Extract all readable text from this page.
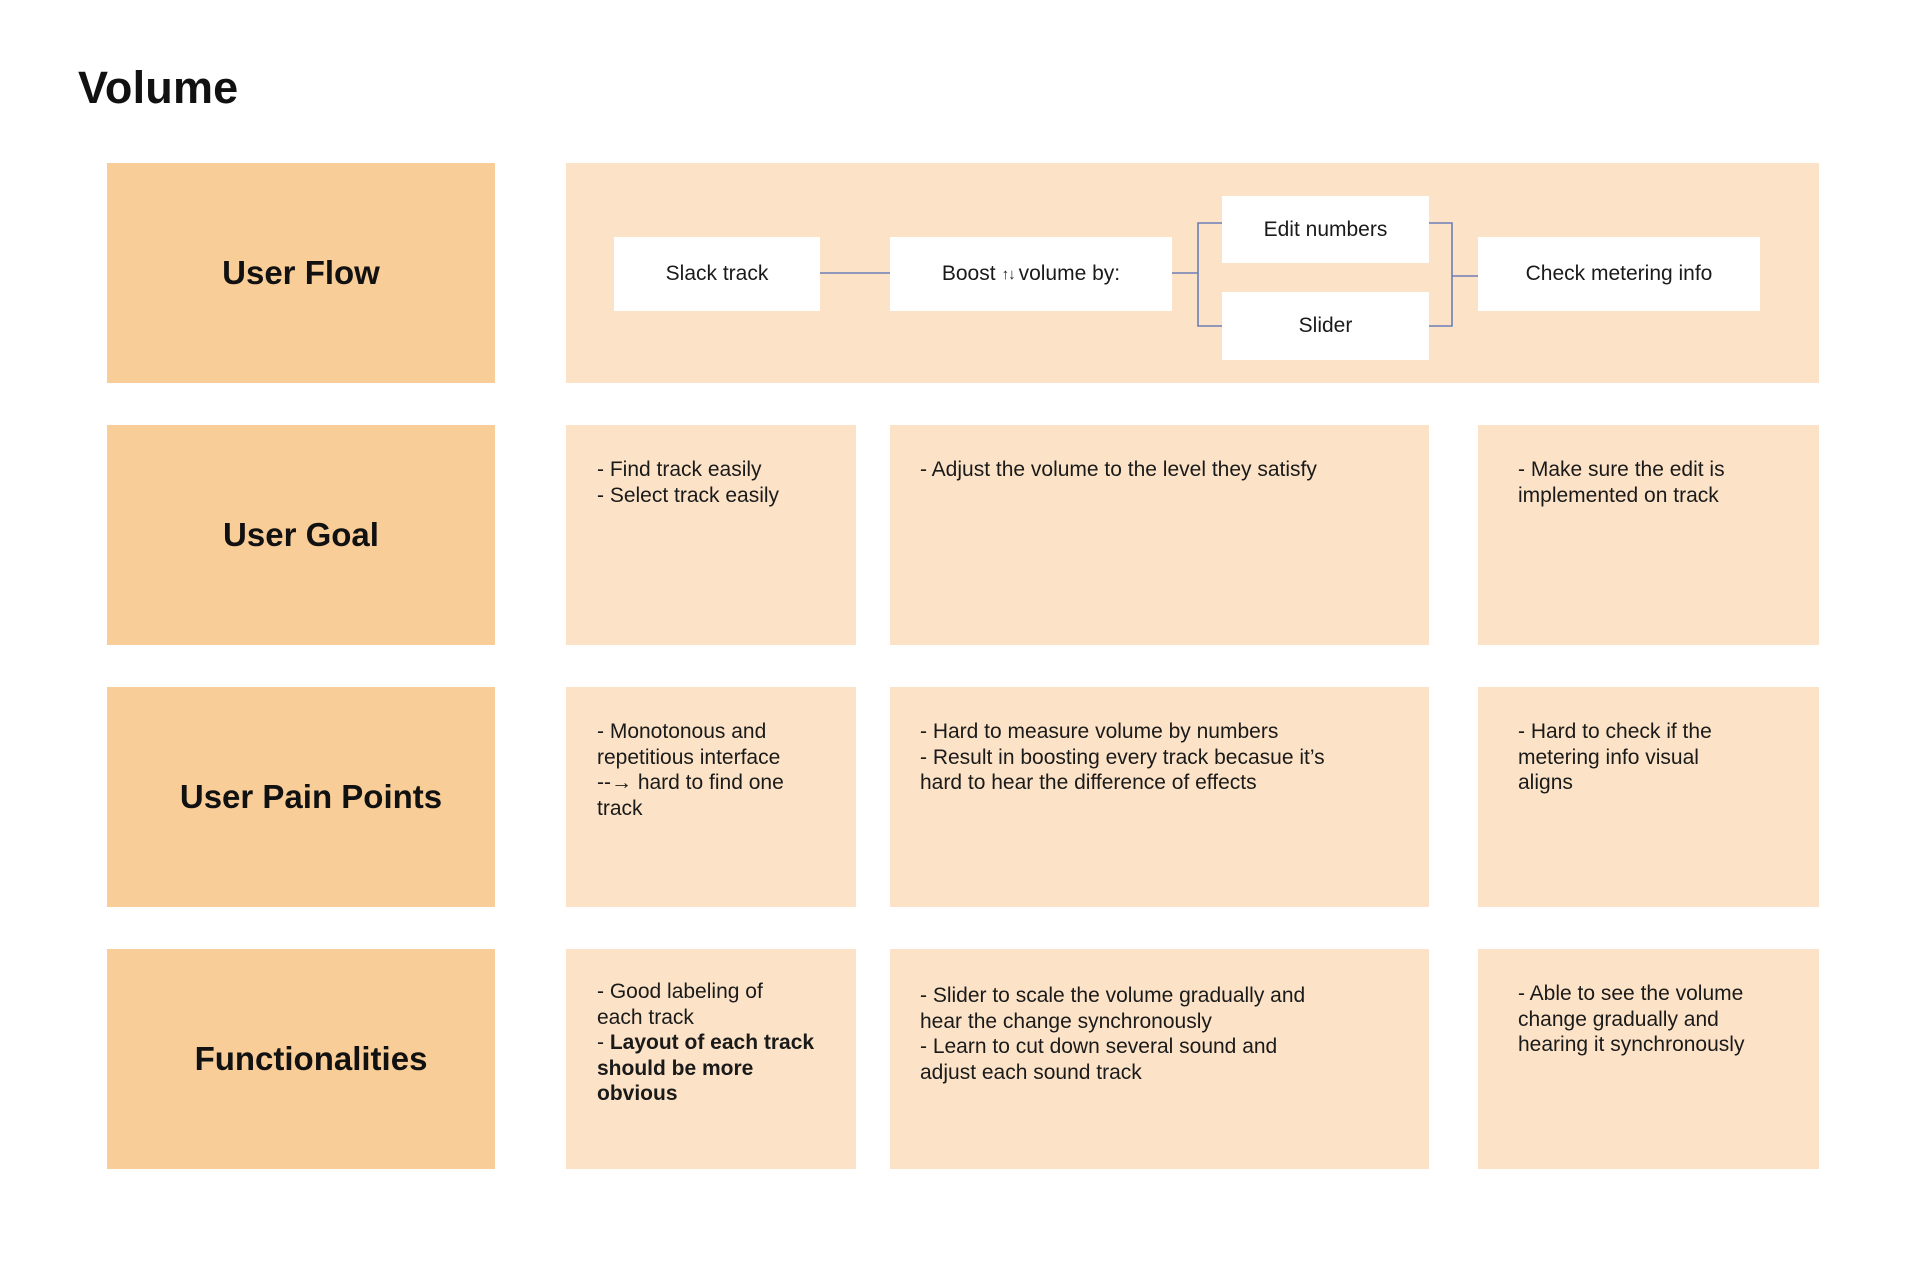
Volume
User Flow
User Goal
User Pain Points
Functionalities
Slack track	Boost ↑↓ volume by:
Edit numbers
Slider
Check metering info
- Find track easily
- Select track easily
- Adjust the volume to the level they satisfy	- Make sure the edit is
implemented on track
- Monotonous and
repetitious interface
--→ hard to find one
track
- Hard to measure volume by numbers
- Result in boosting every track becasue it’s
hard to hear the difference of effects
- Hard to check if the
metering info visual
aligns
- Good labeling of
each track
- Layout of each track
should be more
obvious
- Slider to scale the volume gradually and
hear the change synchronously
- Learn to cut down several sound and
adjust each sound track
- Able to see the volume
change gradually and
hearing it synchronously
